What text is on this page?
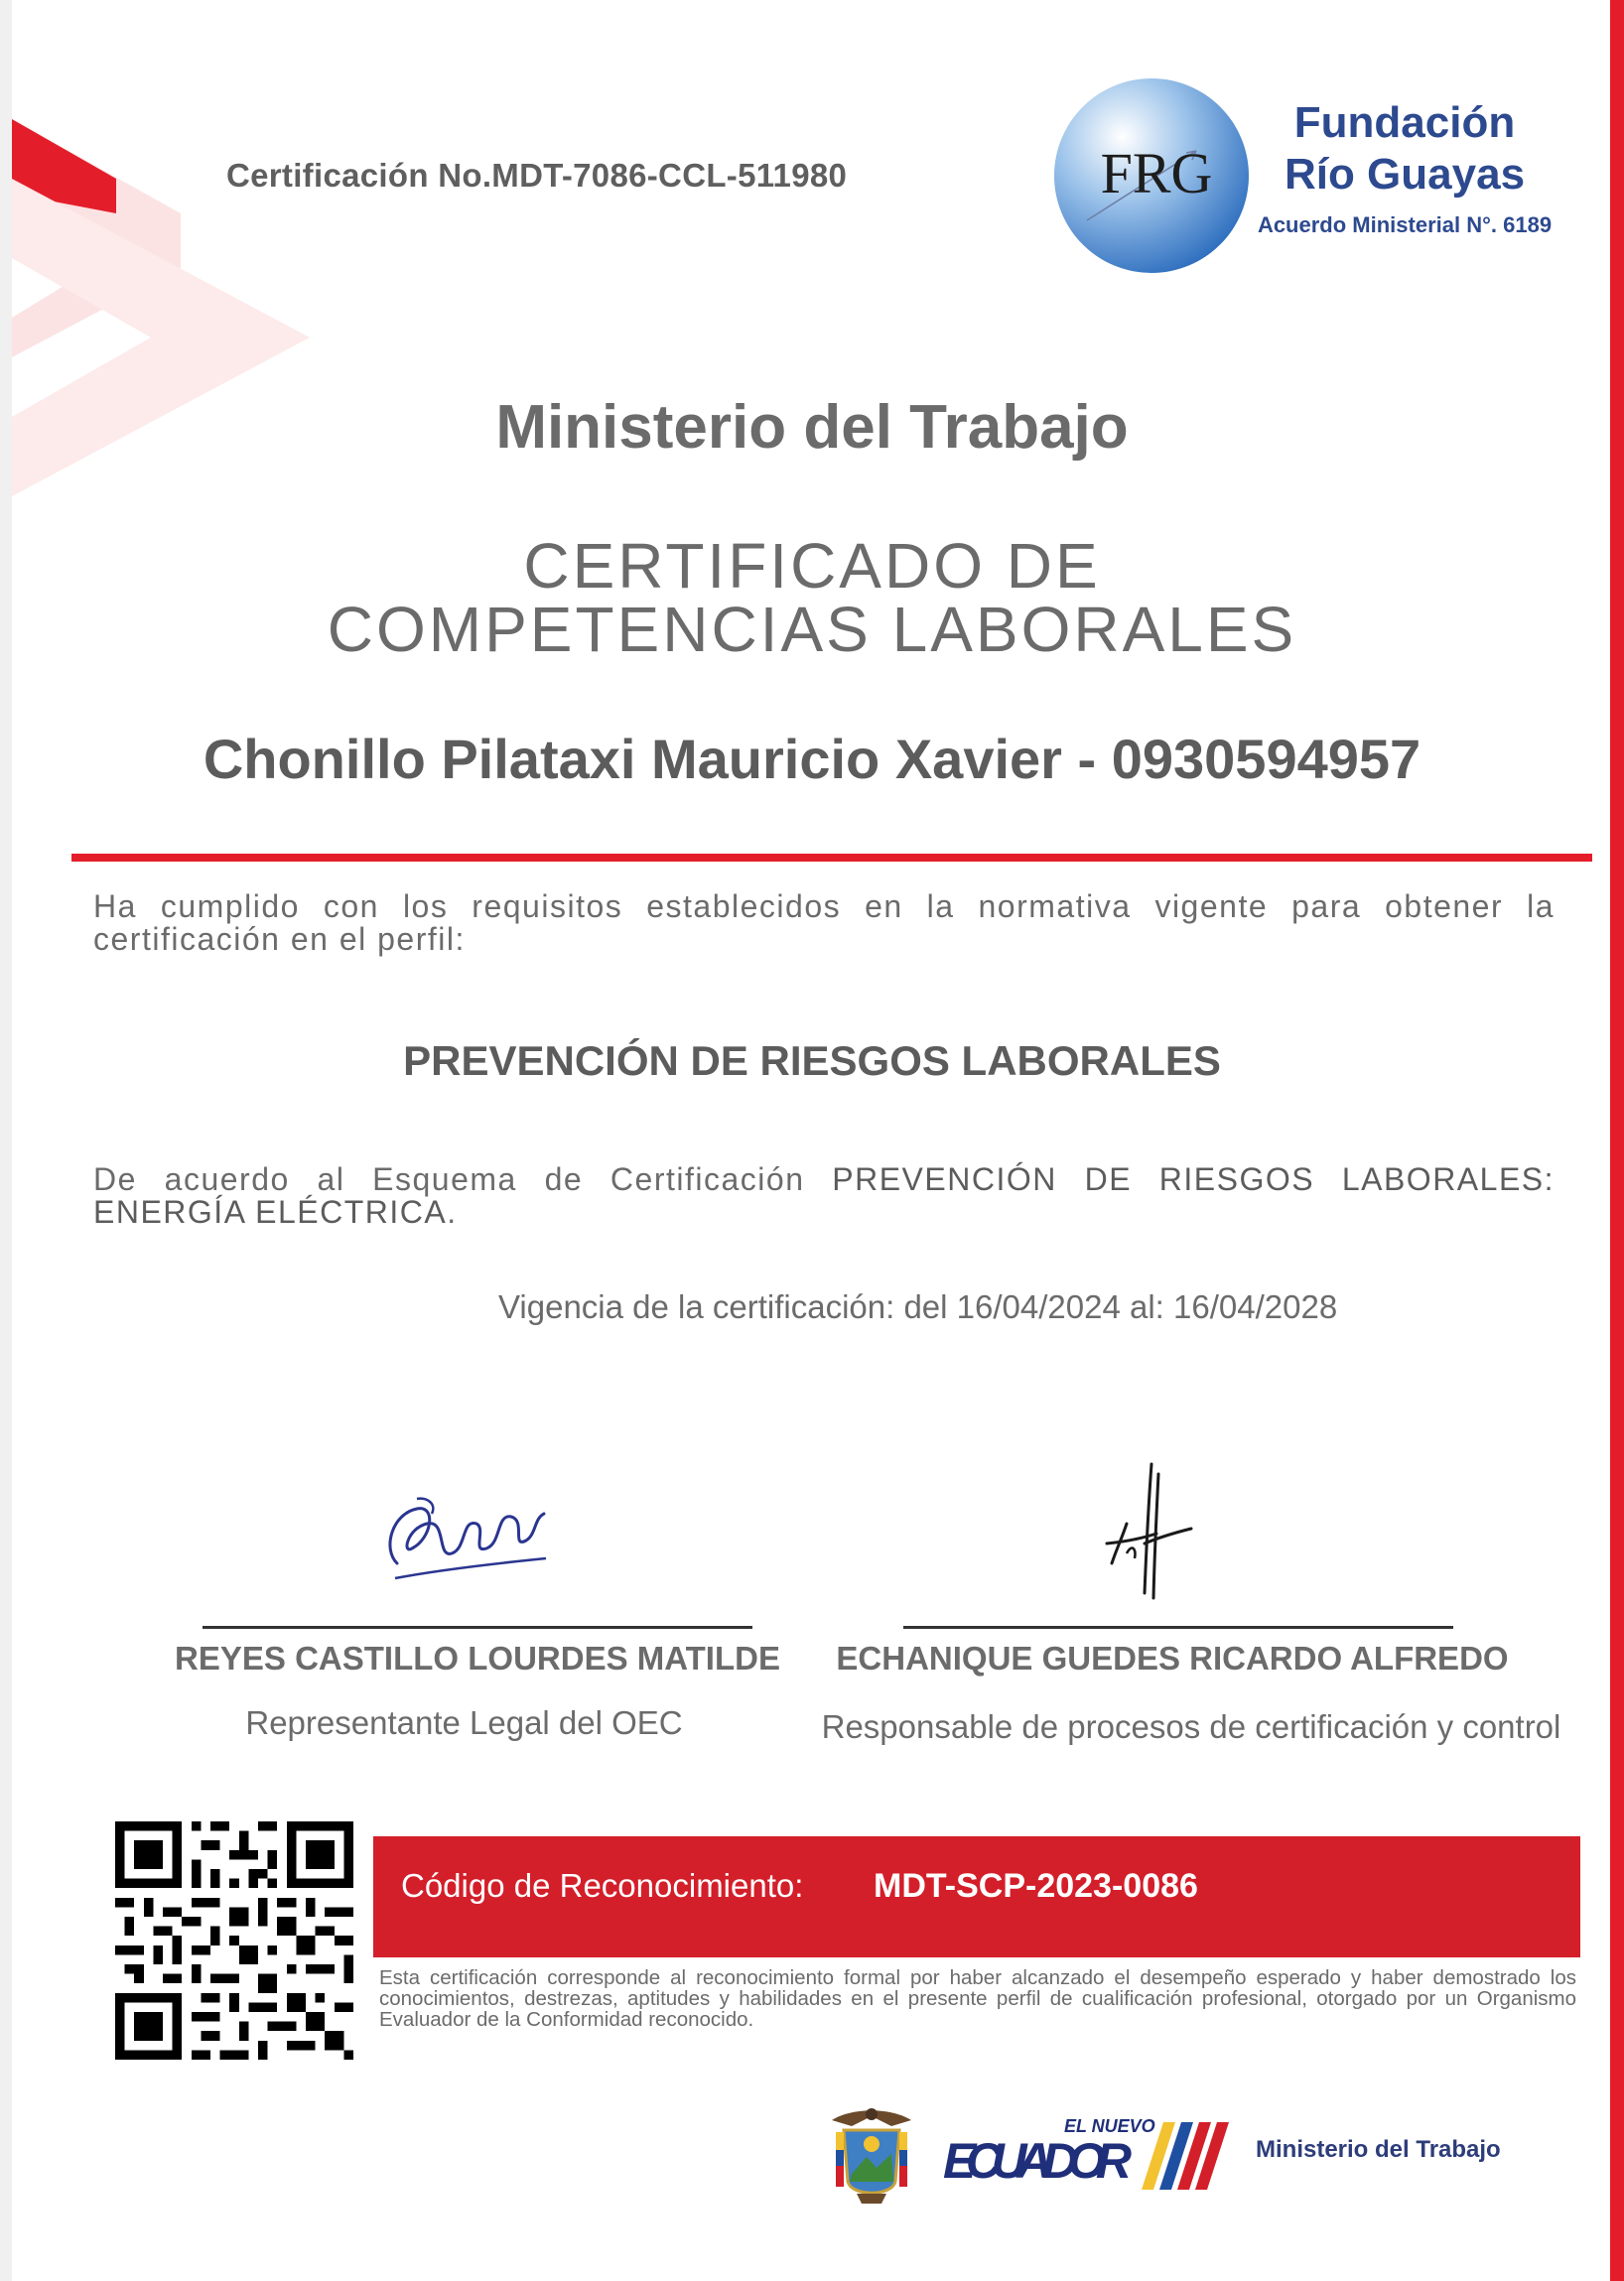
Certificación No.MDT-7086-CCL-511980	FRG
Fundación
Río Guayas
Acuerdo Ministerial N°. 6189
Ministerio del Trabajo
CERTIFICADO DE
COMPETENCIAS LABORALES
Chonillo Pilataxi Mauricio Xavier - 0930594957
Ha cumplido con los requisitos establecidos en la normativa vigente para obtener la certificación en el perfil:
PREVENCIÓN DE RIESGOS LABORALES
De acuerdo al Esquema de Certificación PREVENCIÓN DE RIESGOS LABORALES: ENERGÍA ELÉCTRICA.
Vigencia de la certificación: del 16/04/2024 al: 16/04/2028
REYES CASTILLO LOURDES MATILDE	ECHANIQUE GUEDES RICARDO ALFREDO
Representante Legal del OEC	Responsable de procesos de certificación y control
Código de Reconocimiento: MDT-SCP-2023-0086
Esta certificación corresponde al reconocimiento formal por haber alcanzado el desempeño esperado y haber demostrado los conocimientos, destrezas, aptitudes y habilidades en el presente perfil de cualificación profesional, otorgado por un Organismo Evaluador de la Conformidad reconocido.
EL NUEVO
ECUADOR	Ministerio del Trabajo
